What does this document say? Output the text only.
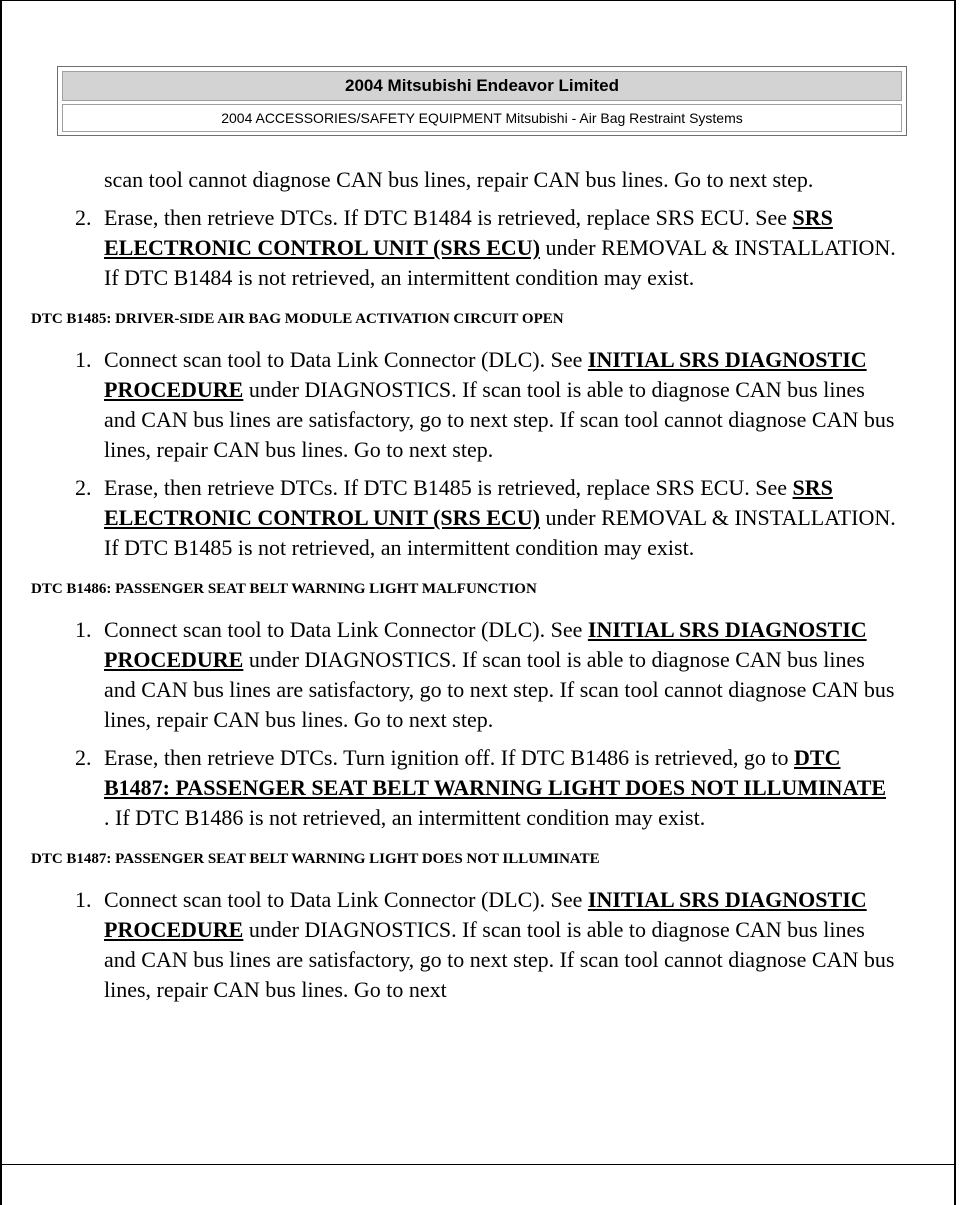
2004 Mitsubishi Endeavor Limited
2004 ACCESSORIES/SAFETY EQUIPMENT Mitsubishi - Air Bag Restraint Systems

scan tool cannot diagnose CAN bus lines, repair CAN bus lines. Go to next step.

2. Erase, then retrieve DTCs. If DTC B1484 is retrieved, replace SRS ECU. See SRS ELECTRONIC CONTROL UNIT (SRS ECU) under REMOVAL & INSTALLATION. If DTC B1484 is not retrieved, an intermittent condition may exist.

DTC B1485: DRIVER-SIDE AIR BAG MODULE ACTIVATION CIRCUIT OPEN

1. Connect scan tool to Data Link Connector (DLC). See INITIAL SRS DIAGNOSTIC PROCEDURE under DIAGNOSTICS. If scan tool is able to diagnose CAN bus lines and CAN bus lines are satisfactory, go to next step. If scan tool cannot diagnose CAN bus lines, repair CAN bus lines. Go to next step.
2. Erase, then retrieve DTCs. If DTC B1485 is retrieved, replace SRS ECU. See SRS ELECTRONIC CONTROL UNIT (SRS ECU) under REMOVAL & INSTALLATION. If DTC B1485 is not retrieved, an intermittent condition may exist.

DTC B1486: PASSENGER SEAT BELT WARNING LIGHT MALFUNCTION

1. Connect scan tool to Data Link Connector (DLC). See INITIAL SRS DIAGNOSTIC PROCEDURE under DIAGNOSTICS. If scan tool is able to diagnose CAN bus lines and CAN bus lines are satisfactory, go to next step. If scan tool cannot diagnose CAN bus lines, repair CAN bus lines. Go to next step.
2. Erase, then retrieve DTCs. Turn ignition off. If DTC B1486 is retrieved, go to DTC B1487: PASSENGER SEAT BELT WARNING LIGHT DOES NOT ILLUMINATE . If DTC B1486 is not retrieved, an intermittent condition may exist.

DTC B1487: PASSENGER SEAT BELT WARNING LIGHT DOES NOT ILLUMINATE

1. Connect scan tool to Data Link Connector (DLC). See INITIAL SRS DIAGNOSTIC PROCEDURE under DIAGNOSTICS. If scan tool is able to diagnose CAN bus lines and CAN bus lines are satisfactory, go to next step. If scan tool cannot diagnose CAN bus lines, repair CAN bus lines. Go to next
